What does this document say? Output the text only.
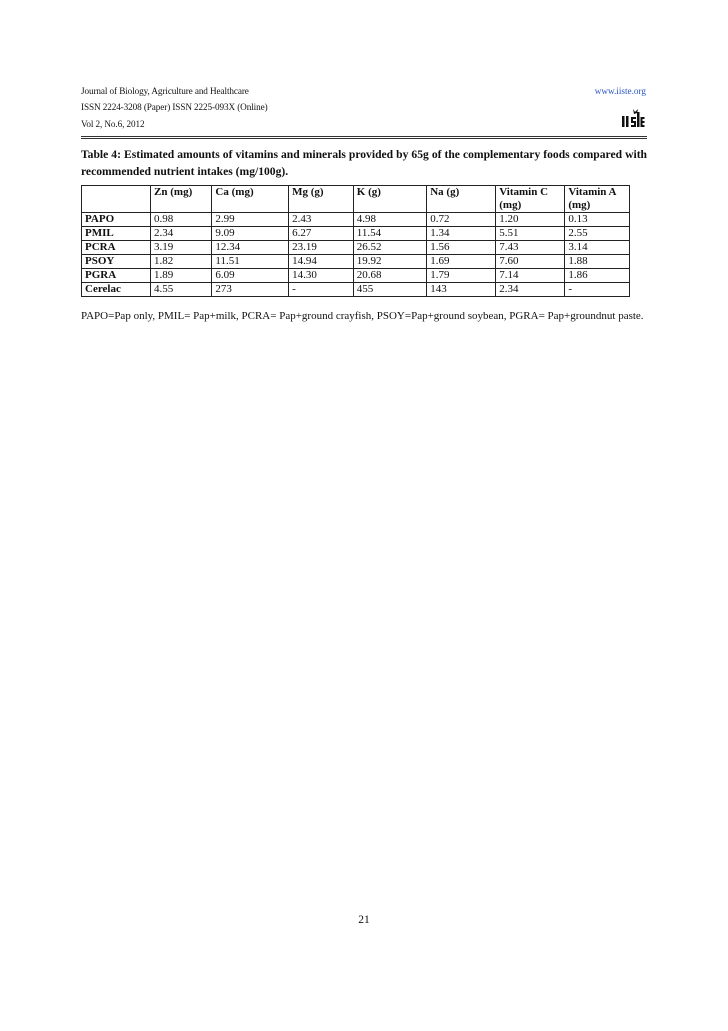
Journal of Biology, Agriculture and Healthcare
ISSN 2224-3208 (Paper) ISSN 2225-093X (Online)
Vol 2, No.6, 2012
www.iiste.org
Table 4: Estimated amounts of vitamins and minerals provided by 65g of the complementary foods compared with recommended nutrient intakes (mg/100g).
	Zn (mg)	Ca (mg)	Mg (g)	K (g)	Na (g)	Vitamin C (mg)	Vitamin A (mg)
PAPO	0.98	2.99	2.43	4.98	0.72	1.20	0.13
PMIL	2.34	9.09	6.27	11.54	1.34	5.51	2.55
PCRA	3.19	12.34	23.19	26.52	1.56	7.43	3.14
PSOY	1.82	11.51	14.94	19.92	1.69	7.60	1.88
PGRA	1.89	6.09	14.30	20.68	1.79	7.14	1.86
Cerelac	4.55	273	-	455	143	2.34	-
PAPO=Pap only, PMIL= Pap+milk, PCRA= Pap+ground crayfish, PSOY=Pap+ground soybean, PGRA= Pap+groundnut paste.
21
